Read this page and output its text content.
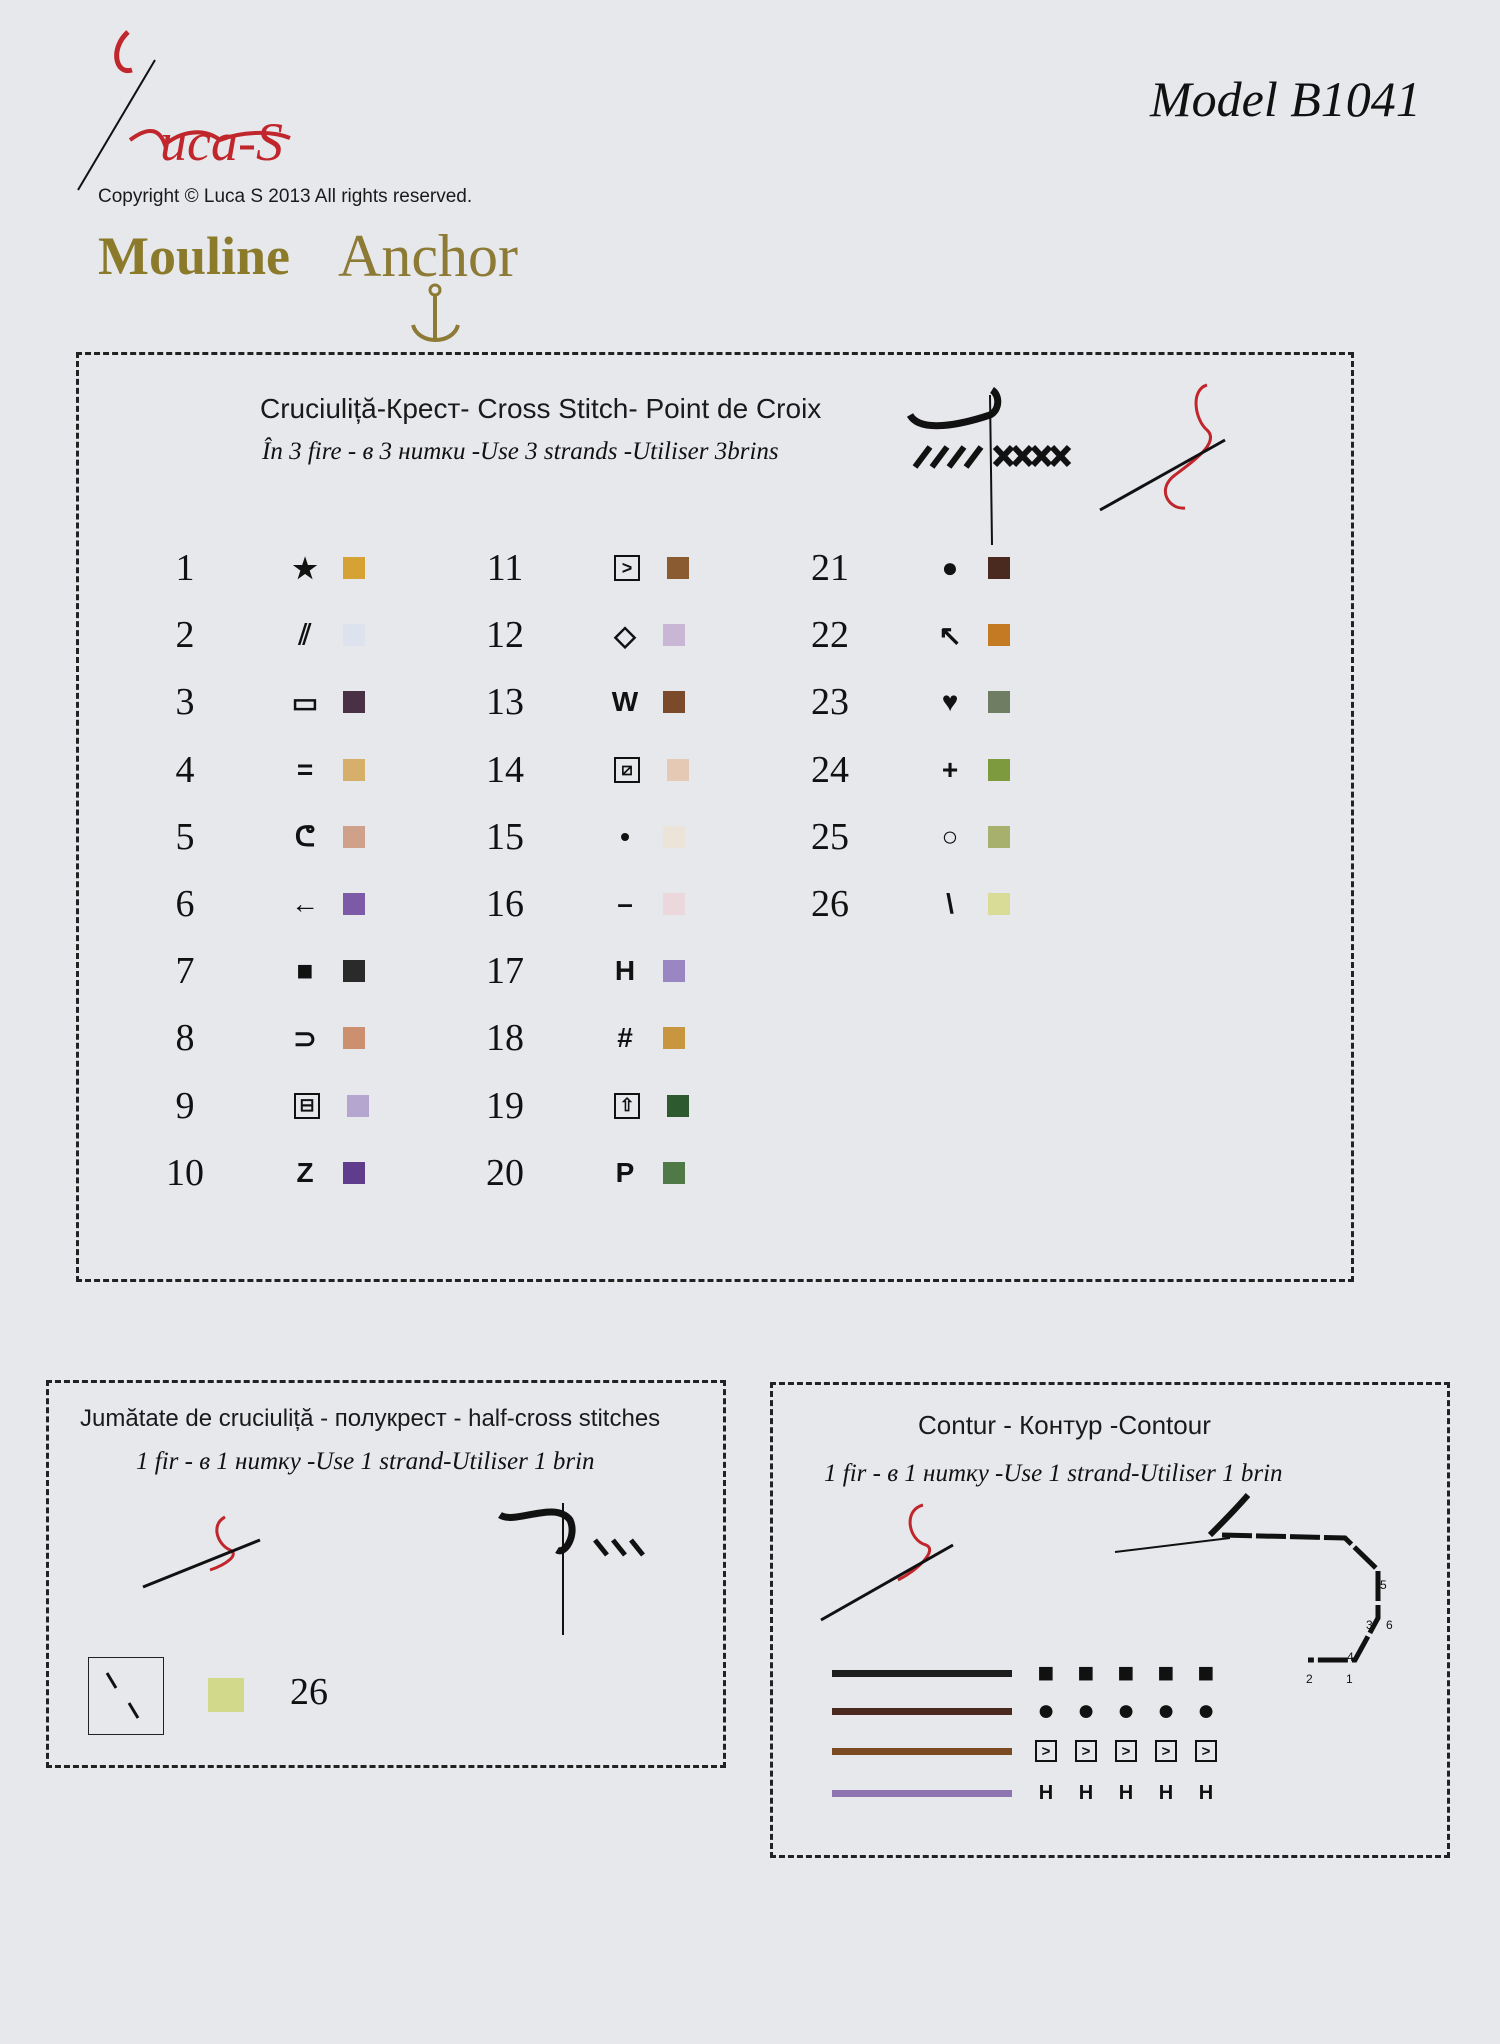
uca-S
Copyright © Luca S 2013 All rights reserved.
Mouline Anchor
Model B1041
Cruciuliță-Крест- Cross Stitch- Point de Croix
În 3 fire - в 3 нитки -Use 3 strands -Utiliser 3brins
1	★
2	⫽
3	▭
4	=
5	ᕦ
6	←
7	■
8	⊃
9	⊟
10	Z
11	>
12	◇
13	W
14	⧄
15	•
16	–
17	H
18	#
19	⇧
20	P
21	●
22	↖
23	♥
24	+
25	○
26	\
Jumătate de cruciuliță - полукрест - half-cross stitches
1 fir - в 1 нитку -Use 1 strand-Utiliser 1 brin
26
Contur - Контур -Contour
1 fir - в 1 нитку -Use 1 strand-Utiliser 1 brin
■ ■ ■ ■ ■
● ● ● ● ●
>	>	>	>	>
H H H H H
1
2
3
4
5
6
